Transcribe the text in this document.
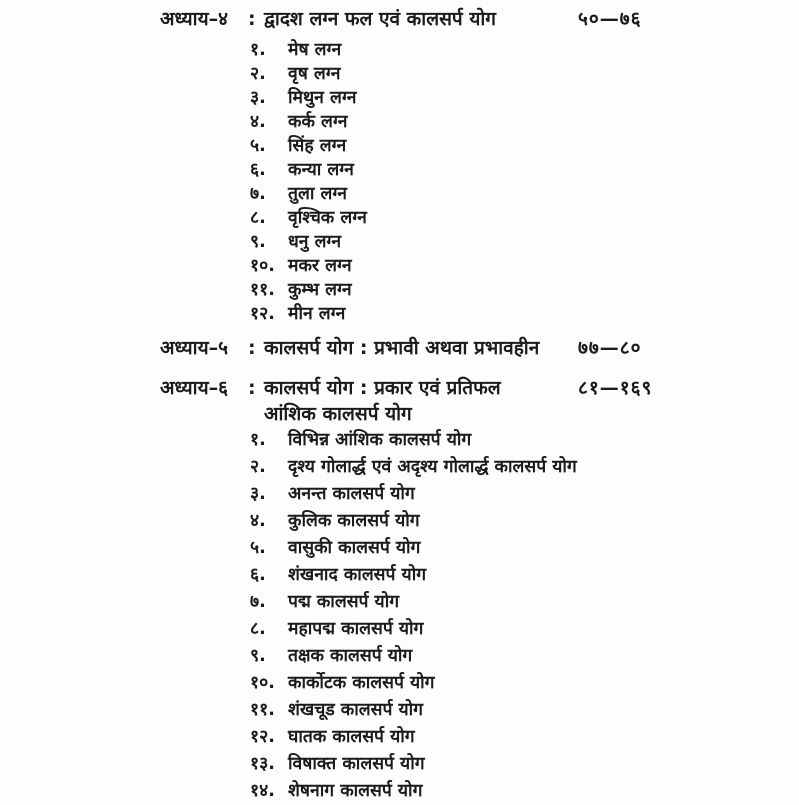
अध्याय–४	: द्वादश लग्न फल एवं कालसर्प योग	५०—७६
१.	मेष लग्न
२.	वृष लग्न
३.	मिथुन लग्न
४.	कर्क लग्न
५.	सिंह लग्न
६.	कन्या लग्न
७.	तुला लग्न
८.	वृश्चिक लग्न
९.	धनु लग्न
१०. मकर लग्न
११. कुम्भ लग्न
१२. मीन लग्न
अध्याय–५	: कालसर्प योग : प्रभावी अथवा प्रभावहीन ७७—८०
अध्याय–६	: कालसर्प योग : प्रकार एवं प्रतिफल	८१—१६९
आंशिक कालसर्प योग
१.	विभिन्न आंशिक कालसर्प योग
२.	दृश्य गोलार्द्ध एवं अदृश्य गोलार्द्ध कालसर्प योग
३.	अनन्त कालसर्प योग
४.	कुलिक कालसर्प योग
५.	वासुकी कालसर्प योग
६.	शंखनाद कालसर्प योग
७.	पद्म कालसर्प योग
८.	महापद्म कालसर्प योग
९.	तक्षक कालसर्प योग
१०. कार्कोटक कालसर्प योग
११. शंखचूड कालसर्प योग
१२. घातक कालसर्प योग
१३. विषाक्त कालसर्प योग
१४. शेषनाग कालसर्प योग
